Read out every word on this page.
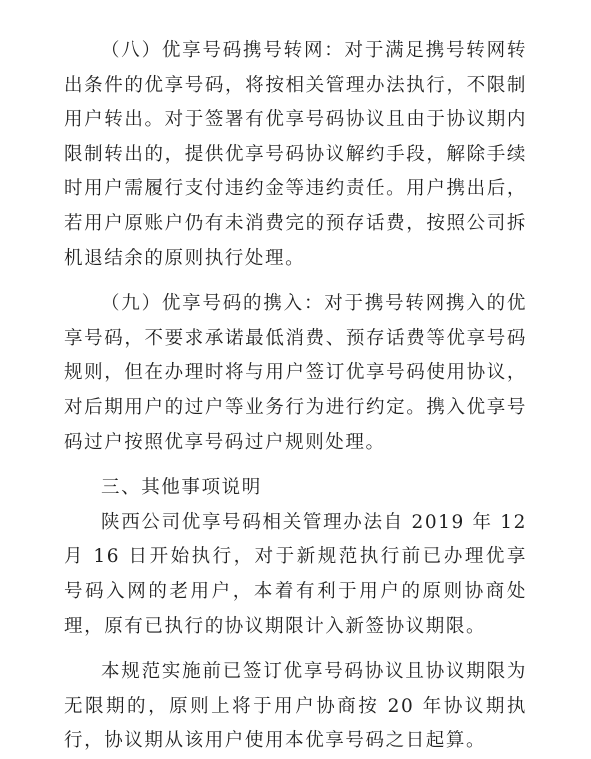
（八）优享号码携号转网：对于满足携号转网转出条件的优享号码，将按相关管理办法执行，不限制用户转出。对于签署有优享号码协议且由于协议期内限制转出的，提供优享号码协议解约手段，解除手续时用户需履行支付违约金等违约责任。用户携出后，若用户原账户仍有未消费完的预存话费，按照公司拆机退结余的原则执行处理。

（九）优享号码的携入：对于携号转网携入的优享号码，不要求承诺最低消费、预存话费等优享号码规则，但在办理时将与用户签订优享号码使用协议，对后期用户的过户等业务行为进行约定。携入优享号码过户按照优享号码过户规则处理。

三、其他事项说明

陕西公司优享号码相关管理办法自 2019 年 12 月 16 日开始执行，对于新规范执行前已办理优享号码入网的老用户，本着有利于用户的原则协商处理，原有已执行的协议期限计入新签协议期限。

本规范实施前已签订优享号码协议且协议期限为无限期的，原则上将于用户协商按 20 年协议期执行，协议期从该用户使用本优享号码之日起算。
